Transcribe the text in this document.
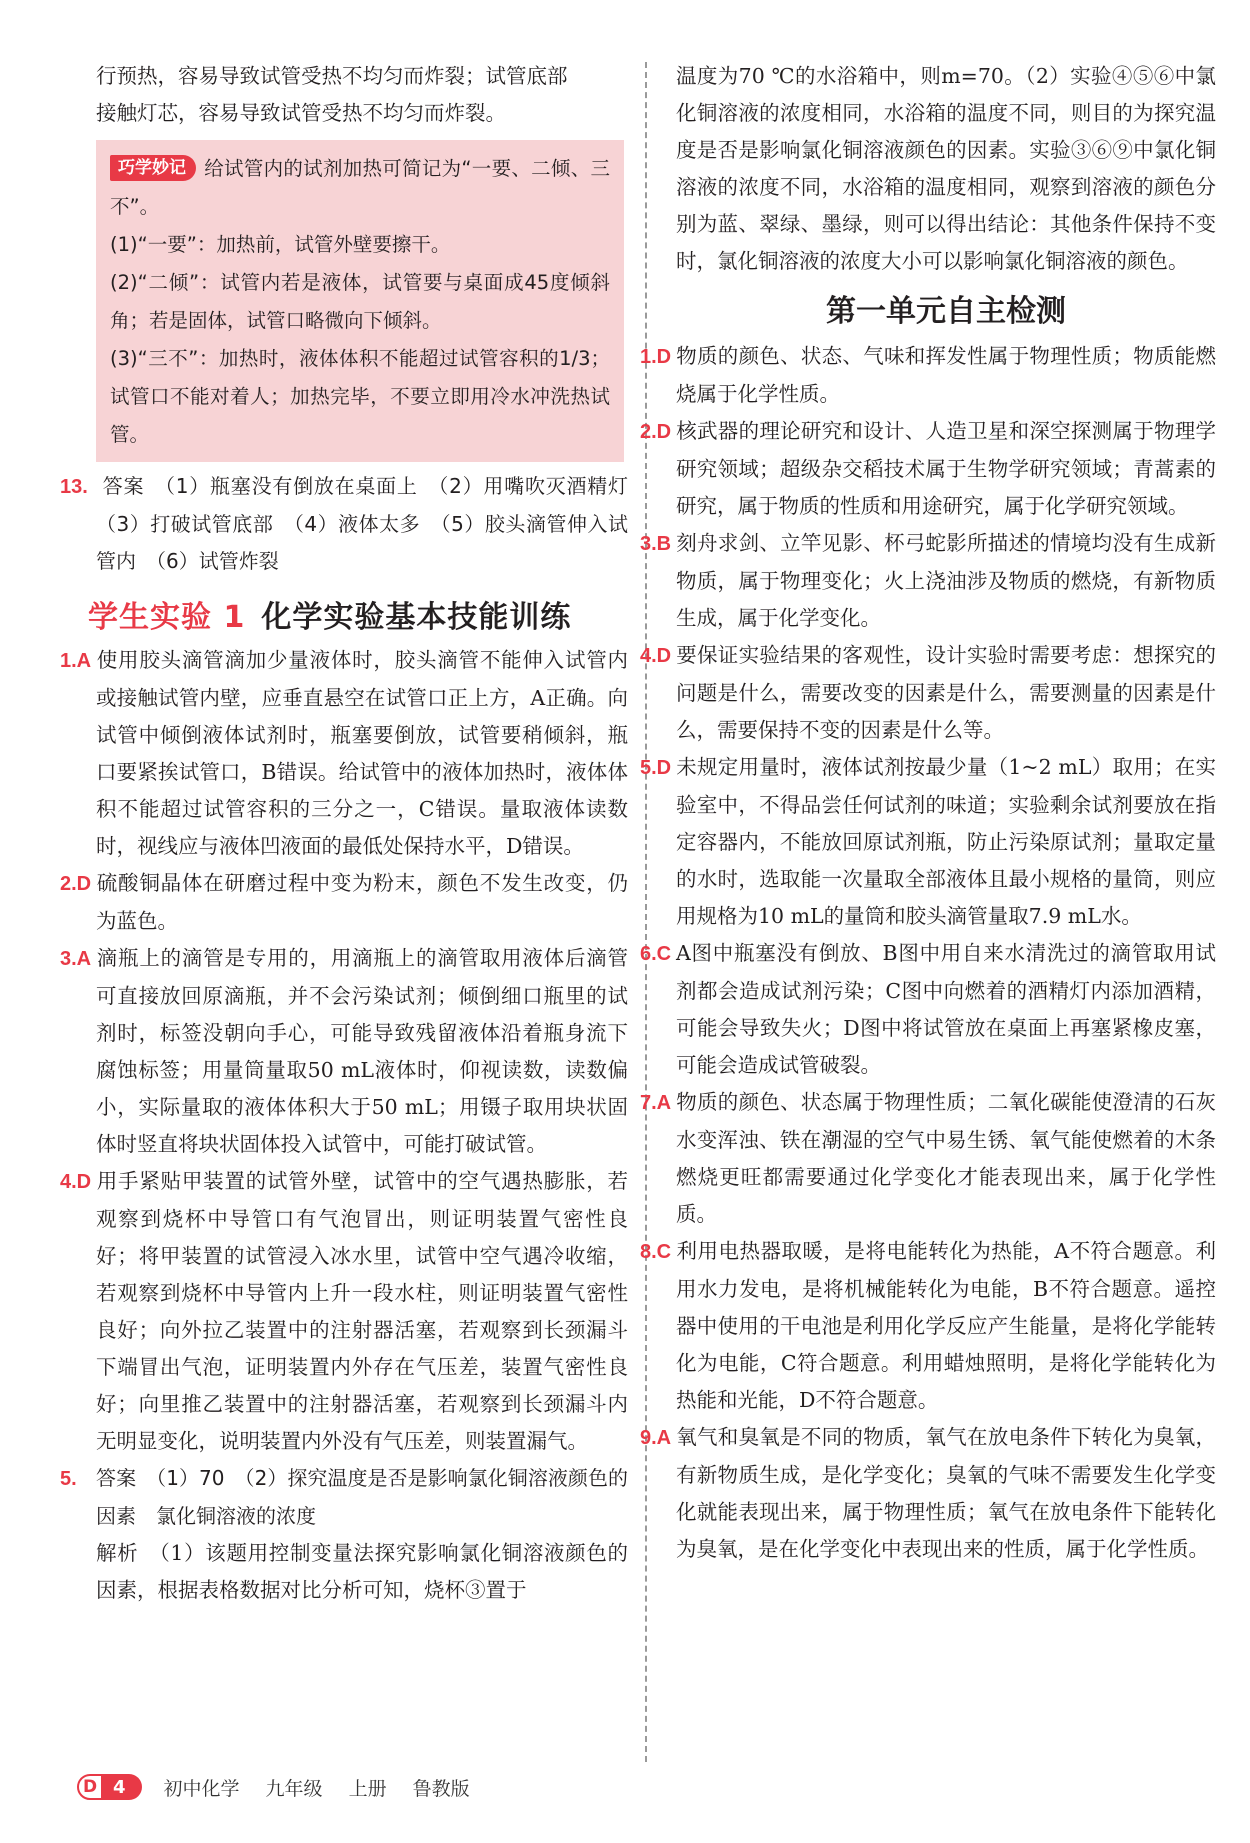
行预热，容易导致试管受热不均匀而炸裂；试管底部
接触灯芯，容易导致试管受热不均匀而炸裂。
巧学妙记 给试管内的试剂加热可简记为“一要、二倾、三不”。
(1)“一要”：加热前，试管外壁要擦干。
(2)“二倾”：试管内若是液体，试管要与桌面成45度倾斜角；若是固体，试管口略微向下倾斜。
(3)“三不”：加热时，液体体积不能超过试管容积的1/3；试管口不能对着人；加热完毕，不要立即用冷水冲洗热试管。
13. 答案　（1）瓶塞没有倒放在桌面上　（2）用嘴吹灭酒精灯　（3）打破试管底部　（4）液体太多　（5）胶头滴管伸入试管内　（6）试管炸裂
学生实验 1 化学实验基本技能训练
1.A 使用胶头滴管滴加少量液体时，胶头滴管不能伸入试管内或接触试管内壁，应垂直悬空在试管口正上方，A正确。向试管中倾倒液体试剂时，瓶塞要倒放，试管要稍倾斜，瓶口要紧挨试管口，B错误。给试管中的液体加热时，液体体积不能超过试管容积的三分之一，C错误。量取液体读数时，视线应与液体凹液面的最低处保持水平，D错误。
2.D 硫酸铜晶体在研磨过程中变为粉末，颜色不发生改变，仍为蓝色。
3.A 滴瓶上的滴管是专用的，用滴瓶上的滴管取用液体后滴管可直接放回原滴瓶，并不会污染试剂；倾倒细口瓶里的试剂时，标签没朝向手心，可能导致残留液体沿着瓶身流下腐蚀标签；用量筒量取50 mL液体时，仰视读数，读数偏小，实际量取的液体体积大于50 mL；用镊子取用块状固体时竖直将块状固体投入试管中，可能打破试管。
4.D 用手紧贴甲装置的试管外壁，试管中的空气遇热膨胀，若观察到烧杯中导管口有气泡冒出，则证明装置气密性良好；将甲装置的试管浸入冰水里，试管中空气遇冷收缩，若观察到烧杯中导管内上升一段水柱，则证明装置气密性良好；向外拉乙装置中的注射器活塞，若观察到长颈漏斗下端冒出气泡，证明装置内外存在气压差，装置气密性良好；向里推乙装置中的注射器活塞，若观察到长颈漏斗内无明显变化，说明装置内外没有气压差，则装置漏气。
5. 答案　（1）70　（2）探究温度是否是影响氯化铜溶液颜色的因素　氯化铜溶液的浓度
解析　（1）该题用控制变量法探究影响氯化铜溶液颜色的因素，根据表格数据对比分析可知，烧杯③置于
温度为70 ℃的水浴箱中，则m=70。（2）实验④⑤⑥中氯化铜溶液的浓度相同，水浴箱的温度不同，则目的为探究温度是否是影响氯化铜溶液颜色的因素。实验③⑥⑨中氯化铜溶液的浓度不同，水浴箱的温度相同，观察到溶液的颜色分别为蓝、翠绿、墨绿，则可以得出结论：其他条件保持不变时，氯化铜溶液的浓度大小可以影响氯化铜溶液的颜色。
第一单元自主检测
1.D 物质的颜色、状态、气味和挥发性属于物理性质；物质能燃烧属于化学性质。
2.D 核武器的理论研究和设计、人造卫星和深空探测属于物理学研究领域；超级杂交稻技术属于生物学研究领域；青蒿素的研究，属于物质的性质和用途研究，属于化学研究领域。
3.B 刻舟求剑、立竿见影、杯弓蛇影所描述的情境均没有生成新物质，属于物理变化；火上浇油涉及物质的燃烧，有新物质生成，属于化学变化。
4.D 要保证实验结果的客观性，设计实验时需要考虑：想探究的问题是什么，需要改变的因素是什么，需要测量的因素是什么，需要保持不变的因素是什么等。
5.D 未规定用量时，液体试剂按最少量（1~2 mL）取用；在实验室中，不得品尝任何试剂的味道；实验剩余试剂要放在指定容器内，不能放回原试剂瓶，防止污染原试剂；量取定量的水时，选取能一次量取全部液体且最小规格的量筒，则应用规格为10 mL的量筒和胶头滴管量取7.9 mL水。
6.C A图中瓶塞没有倒放、B图中用自来水清洗过的滴管取用试剂都会造成试剂污染；C图中向燃着的酒精灯内添加酒精，可能会导致失火；D图中将试管放在桌面上再塞紧橡皮塞，可能会造成试管破裂。
7.A 物质的颜色、状态属于物理性质；二氧化碳能使澄清的石灰水变浑浊、铁在潮湿的空气中易生锈、氧气能使燃着的木条燃烧更旺都需要通过化学变化才能表现出来，属于化学性质。
8.C 利用电热器取暖，是将电能转化为热能，A不符合题意。利用水力发电，是将机械能转化为电能，B不符合题意。遥控器中使用的干电池是利用化学反应产生能量，是将化学能转化为电能，C符合题意。利用蜡烛照明，是将化学能转化为热能和光能，D不符合题意。
9.A 氧气和臭氧是不同的物质，氧气在放电条件下转化为臭氧，有新物质生成，是化学变化；臭氧的气味不需要发生化学变化就能表现出来，属于物理性质；氧气在放电条件下能转化为臭氧，是在化学变化中表现出来的性质，属于化学性质。
D 4	初中化学 九年级 上册 鲁教版
